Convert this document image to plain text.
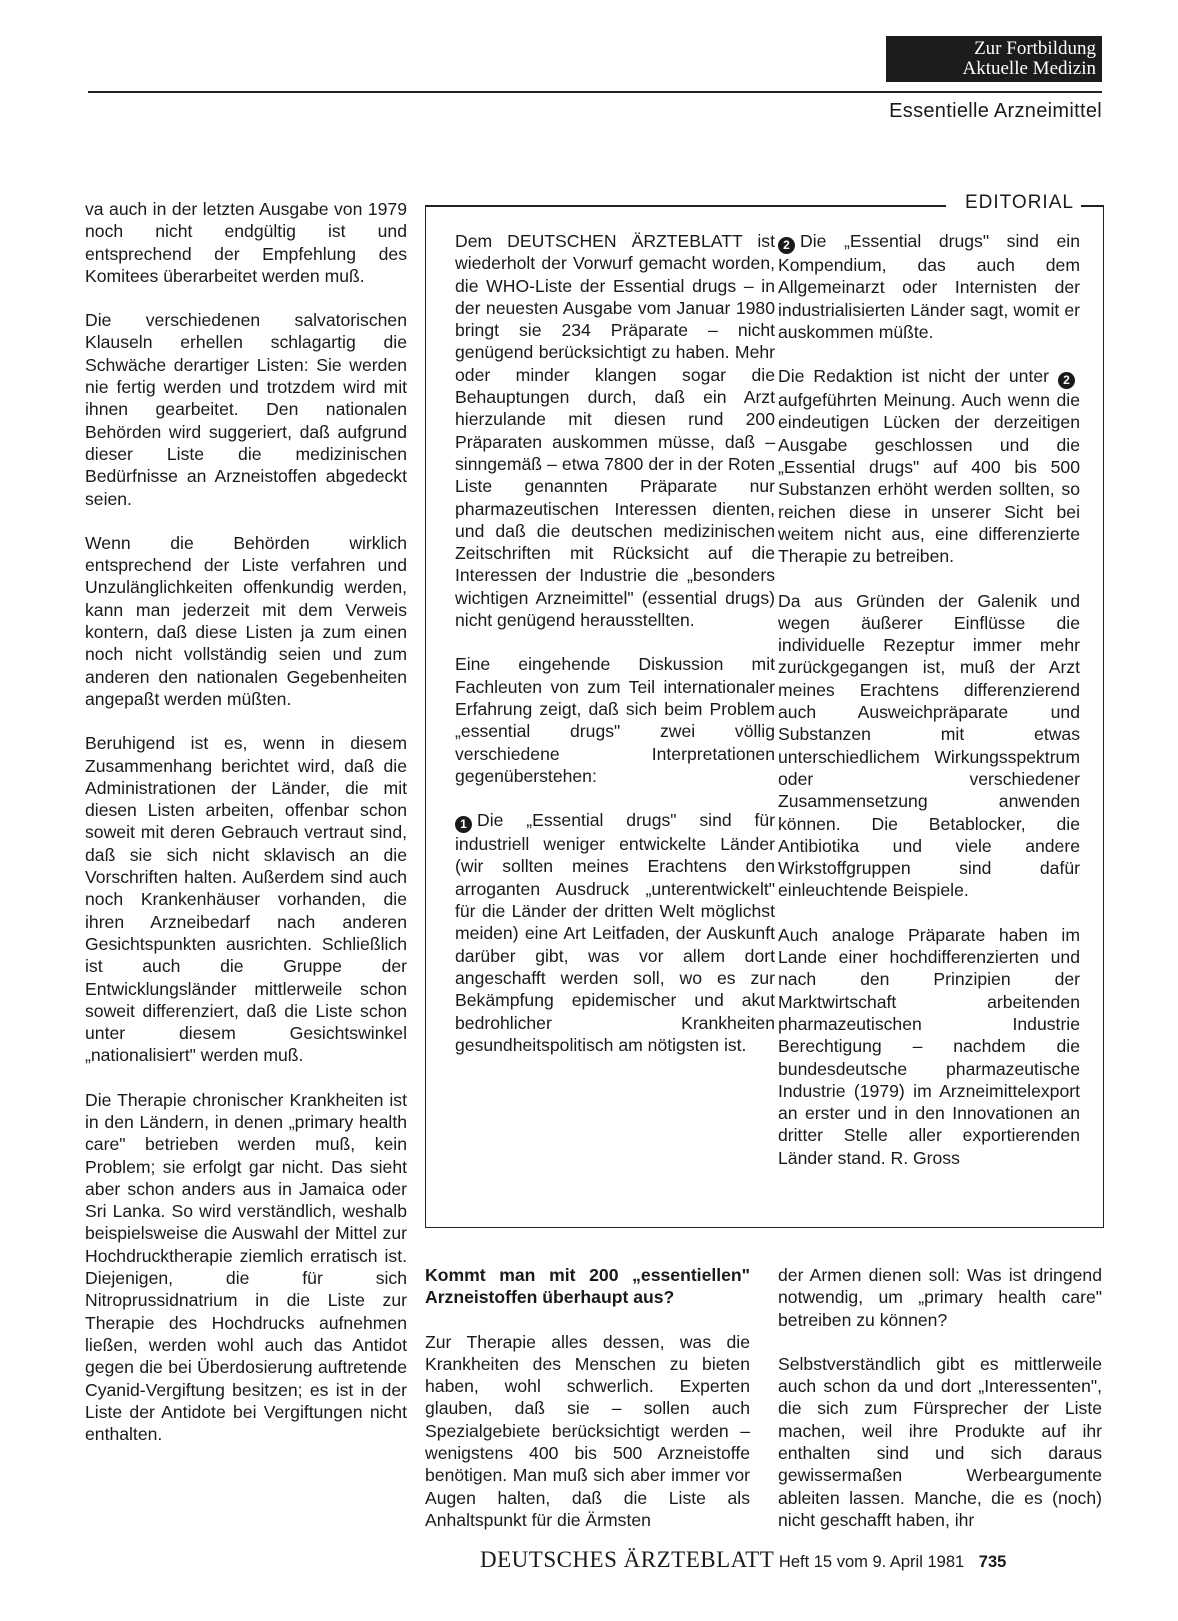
Zur Fortbildung
Aktuelle Medizin
Essentielle Arzneimittel

va auch in der letzten Ausgabe von 1979 noch nicht endgültig ist und entsprechend der Empfehlung des Komitees überarbeitet werden muß.

Die verschiedenen salvatorischen Klauseln erhellen schlagartig die Schwäche derartiger Listen: Sie werden nie fertig werden und trotzdem wird mit ihnen gearbeitet. Den nationalen Behörden wird suggeriert, daß aufgrund dieser Liste die medizinischen Bedürfnisse an Arzneistoffen abgedeckt seien.

Wenn die Behörden wirklich entsprechend der Liste verfahren und Unzulänglichkeiten offenkundig werden, kann man jederzeit mit dem Verweis kontern, daß diese Listen ja zum einen noch nicht vollständig seien und zum anderen den nationalen Gegebenheiten angepaßt werden müßten.

Beruhigend ist es, wenn in diesem Zusammenhang berichtet wird, daß die Administrationen der Länder, die mit diesen Listen arbeiten, offenbar schon soweit mit deren Gebrauch vertraut sind, daß sie sich nicht sklavisch an die Vorschriften halten. Außerdem sind auch noch Krankenhäuser vorhanden, die ihren Arzneibedarf nach anderen Gesichtspunkten ausrichten. Schließlich ist auch die Gruppe der Entwicklungsländer mittlerweile schon soweit differenziert, daß die Liste schon unter diesem Gesichtswinkel „nationalisiert" werden muß.

Die Therapie chronischer Krankheiten ist in den Ländern, in denen „primary health care" betrieben werden muß, kein Problem; sie erfolgt gar nicht. Das sieht aber schon anders aus in Jamaica oder Sri Lanka. So wird verständlich, weshalb beispielsweise die Auswahl der Mittel zur Hochdrucktherapie ziemlich erratisch ist. Diejenigen, die für sich Nitroprussidnatrium in die Liste zur Therapie des Hochdrucks aufnehmen ließen, werden wohl auch das Antidot gegen die bei Überdosierung auftretende Cyanid-Vergiftung besitzen; es ist in der Liste der Antidote bei Vergiftungen nicht enthalten.

EDITORIAL

Dem DEUTSCHEN ÄRZTEBLATT ist wiederholt der Vorwurf gemacht worden, die WHO-Liste der Essential drugs – in der neuesten Ausgabe vom Januar 1980 bringt sie 234 Präparate – nicht genügend berücksichtigt zu haben. Mehr oder minder klangen sogar die Behauptungen durch, daß ein Arzt hierzulande mit diesen rund 200 Präparaten auskommen müsse, daß – sinngemäß – etwa 7800 der in der Roten Liste genannten Präparate nur pharmazeutischen Interessen dienten, und daß die deutschen medizinischen Zeitschriften mit Rücksicht auf die Interessen der Industrie die „besonders wichtigen Arzneimittel" (essential drugs) nicht genügend herausstellten.

Eine eingehende Diskussion mit Fachleuten von zum Teil internationaler Erfahrung zeigt, daß sich beim Problem „essential drugs" zwei völlig verschiedene Interpretationen gegenüberstehen:

1 Die „Essential drugs" sind für industriell weniger entwickelte Länder (wir sollten meines Erachtens den arroganten Ausdruck „unterentwickelt" für die Länder der dritten Welt möglichst meiden) eine Art Leitfaden, der Auskunft darüber gibt, was vor allem dort angeschafft werden soll, wo es zur Bekämpfung epidemischer und akut bedrohlicher Krankheiten gesundheitspolitisch am nötigsten ist.

2 Die „Essential drugs" sind ein Kompendium, das auch dem Allgemeinarzt oder Internisten der industrialisierten Länder sagt, womit er auskommen müßte.

Die Redaktion ist nicht der unter 2aufgeführten Meinung. Auch wenn die eindeutigen Lücken der derzeitigen Ausgabe geschlossen und die „Essential drugs" auf 400 bis 500 Substanzen erhöht werden sollten, so reichen diese in unserer Sicht bei weitem nicht aus, eine differenzierte Therapie zu betreiben.

Da aus Gründen der Galenik und wegen äußerer Einflüsse die individuelle Rezeptur immer mehr zurückgegangen ist, muß der Arzt meines Erachtens differenzierend auch Ausweichpräparate und Substanzen mit etwas unterschiedlichem Wirkungsspektrum oder verschiedener Zusammensetzung anwenden können. Die Betablocker, die Antibiotika und viele andere Wirkstoffgruppen sind dafür einleuchtende Beispiele.

Auch analoge Präparate haben im Lande einer hochdifferenzierten und nach den Prinzipien der Marktwirtschaft arbeitenden pharmazeutischen Industrie Berechtigung – nachdem die bundesdeutsche pharmazeutische Industrie (1979) im Arzneimittelexport an erster und in den Innovationen an dritter Stelle aller exportierenden Länder stand. R. Gross

Kommt man mit 200 „essentiellen" Arzneistoffen überhaupt aus?

Zur Therapie alles dessen, was die Krankheiten des Menschen zu bieten haben, wohl schwerlich. Experten glauben, daß sie – sollen auch Spezialgebiete berücksichtigt werden – wenigstens 400 bis 500 Arzneistoffe benötigen. Man muß sich aber immer vor Augen halten, daß die Liste als Anhaltspunkt für die Ärmsten

der Armen dienen soll: Was ist dringend notwendig, um „primary health care" betreiben zu können?

Selbstverständlich gibt es mittlerweile auch schon da und dort „Interessenten", die sich zum Fürsprecher der Liste machen, weil ihre Produkte auf ihr enthalten sind und sich daraus gewissermaßen Werbeargumente ableiten lassen. Manche, die es (noch) nicht geschafft haben, ihr

DEUTSCHES ÄRZTEBLATT Heft 15 vom 9. April 1981 735
